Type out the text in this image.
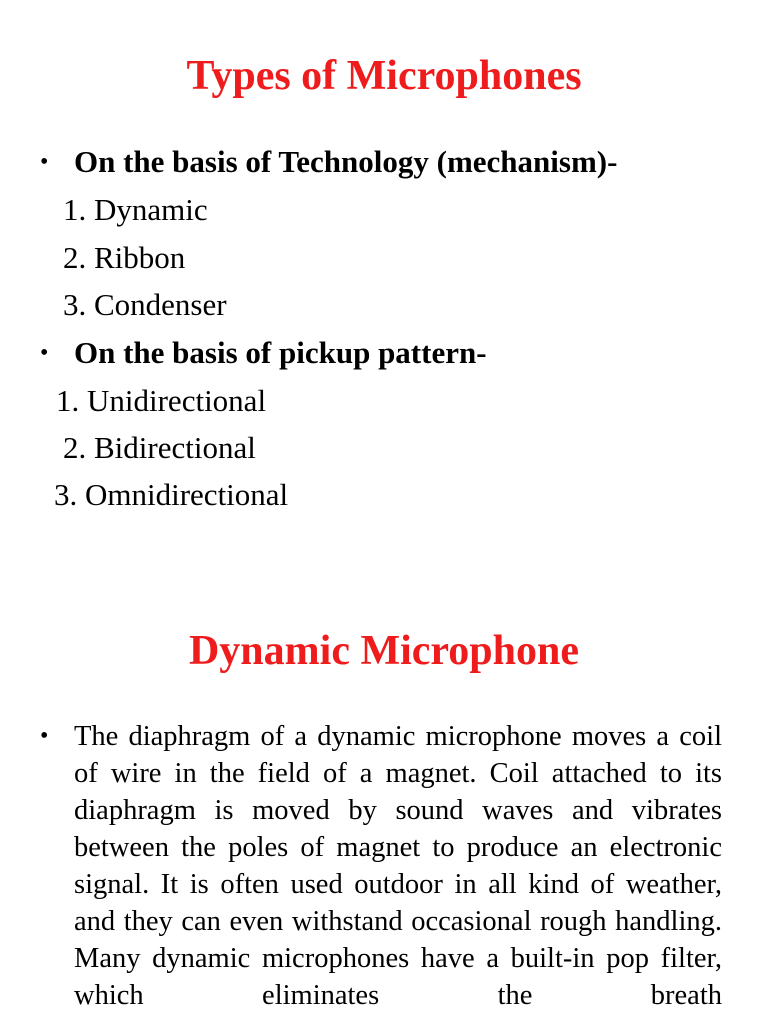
Types of Microphones
• On the basis of Technology (mechanism)-
1. Dynamic
2. Ribbon
3. Condenser
• On the basis of pickup pattern-
1. Unidirectional
2. Bidirectional
3. Omnidirectional
Dynamic Microphone
• The diaphragm of a dynamic microphone moves a coil of wire in the field of a magnet. Coil attached to its diaphragm is moved by sound waves and vibrates between the poles of magnet to produce an electronic signal. It is often used outdoor in all kind of weather, and they can even withstand occasional rough handling. Many dynamic microphones have a built-in pop filter, which eliminates the breath
